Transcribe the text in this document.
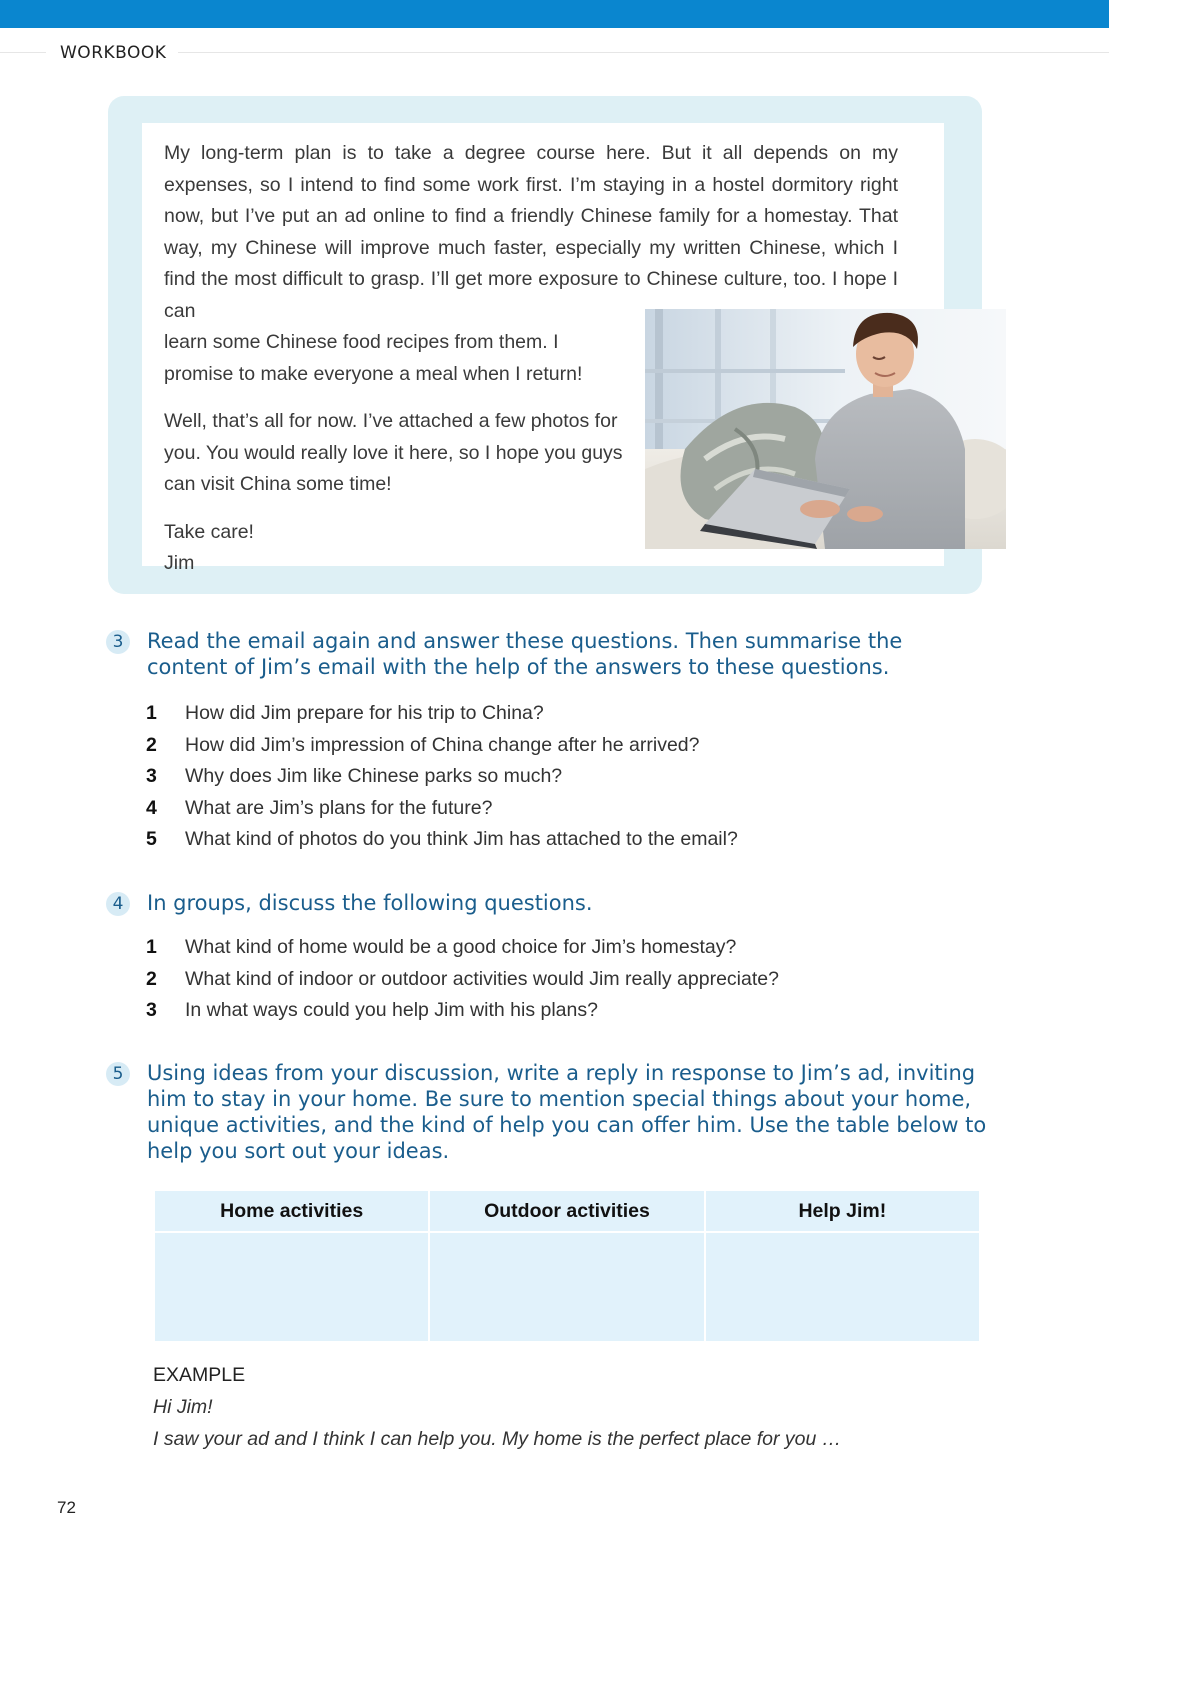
WORKBOOK

My long-term plan is to take a degree course here. But it all depends on my expenses, so I intend to find some work first. I’m staying in a hostel dormitory right now, but I’ve put an ad online to find a friendly Chinese family for a homestay. That way, my Chinese will improve much faster, especially my written Chinese, which I find the most difficult to grasp. I’ll get more exposure to Chinese culture, too. I hope I can

learn some Chinese food recipes from them. I promise to make everyone a meal when I return!

Well, that’s all for now. I’ve attached a few photos for you. You would really love it here, so I hope you guys can visit China some time!

Take care!

Jim

3	Read the email again and answer these questions. Then summarise the content of Jim’s email with the help of the answers to these questions.
1 How did Jim prepare for his trip to China?
2 How did Jim’s impression of China change after he arrived?
3 Why does Jim like Chinese parks so much?
4 What are Jim’s plans for the future?
5 What kind of photos do you think Jim has attached to the email?
4	In groups, discuss the following questions.
1 What kind of home would be a good choice for Jim’s homestay?
2 What kind of indoor or outdoor activities would Jim really appreciate?
3 In what ways could you help Jim with his plans?
5	Using ideas from your discussion, write a reply in response to Jim’s ad, inviting him to stay in your home. Be sure to mention special things about your home, unique activities, and the kind of help you can offer him. Use the table below to help you sort out your ideas.
Home activities	Outdoor activities	Help Jim!

EXAMPLE
Hi Jim!
I saw your ad and I think I can help you. My home is the perfect place for you …
72
